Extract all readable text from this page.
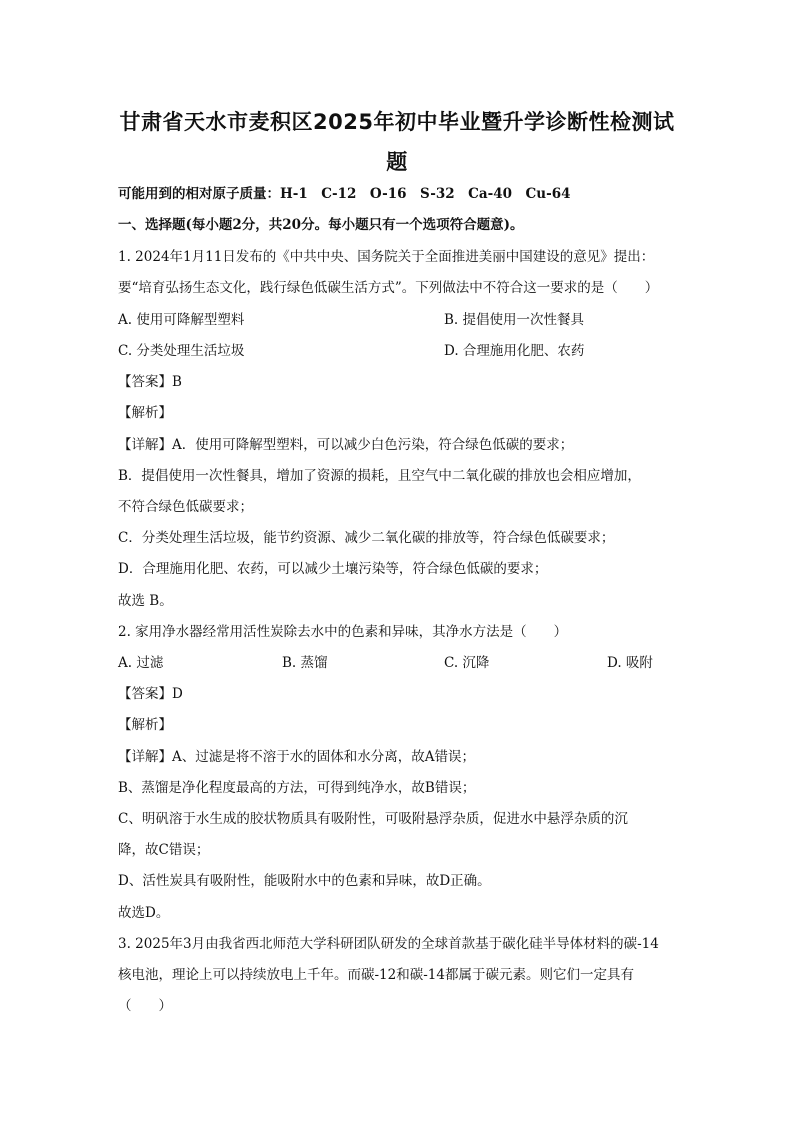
甘肃省天水市麦积区2025年初中毕业暨升学诊断性检测试
题
可能用到的相对原子质量：H-1　C-12　O-16　S-32　Ca-40　Cu-64
一、选择题(每小题2分，共20分。每小题只有一个选项符合题意)。
1. 2024年1月11日发布的《中共中央、国务院关于全面推进美丽中国建设的意见》提出：
要“培育弘扬生态文化，践行绿色低碳生活方式”。下列做法中不符合这一要求的是（　　）
A. 使用可降解型塑料	B. 提倡使用一次性餐具
C. 分类处理生活垃圾	D. 合理施用化肥、农药
【答案】B
【解析】
【详解】A．使用可降解型塑料，可以减少白色污染，符合绿色低碳的要求；
B．提倡使用一次性餐具，增加了资源的损耗，且空气中二氧化碳的排放也会相应增加，
不符合绿色低碳要求；
C．分类处理生活垃圾，能节约资源、减少二氧化碳的排放等，符合绿色低碳要求；
D．合理施用化肥、农药，可以减少土壤污染等，符合绿色低碳的要求；
故选 B。
2. 家用净水器经常用活性炭除去水中的色素和异味，其净水方法是（　　）
A. 过滤	B. 蒸馏	C. 沉降	D. 吸附
【答案】D
【解析】
【详解】A、过滤是将不溶于水的固体和水分离，故A错误；
B、蒸馏是净化程度最高的方法，可得到纯净水，故B错误；
C、明矾溶于水生成的胶状物质具有吸附性，可吸附悬浮杂质，促进水中悬浮杂质的沉
降，故C错误；
D、活性炭具有吸附性，能吸附水中的色素和异味，故D正确。
故选D。
3. 2025年3月由我省西北师范大学科研团队研发的全球首款基于碳化硅半导体材料的碳-14
核电池，理论上可以持续放电上千年。而碳-12和碳-14都属于碳元素。则它们一定具有
（　　）
